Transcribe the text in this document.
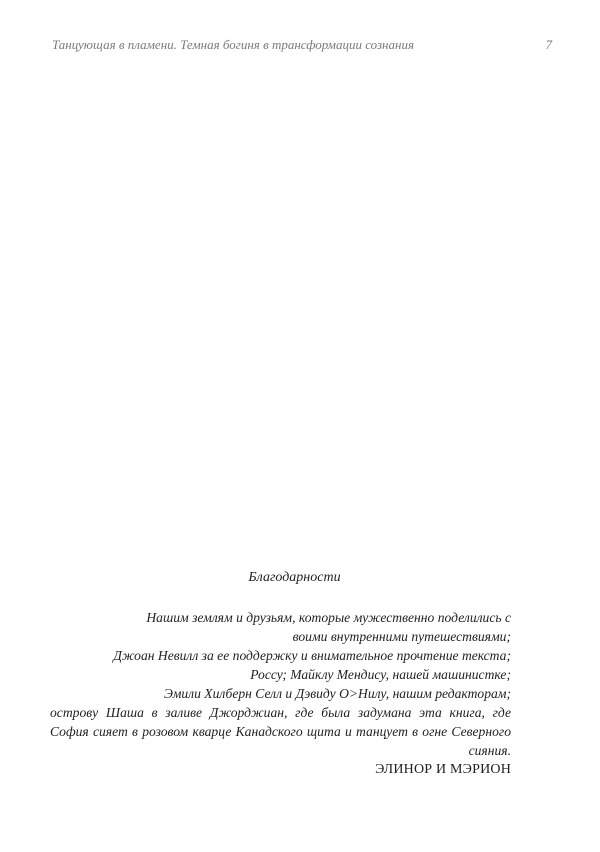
Танцующая в пламени. Темная богиня в трансформации сознания	7
Благодарности
Нашим землям и друзьям, которые мужественно поделились с
воими внутренними путешествиями;
Джоан Невилл за ее поддержку и внимательное прочтение текста;
Россу; Майклу Мендису, нашей машинистке;
Эмили Хилберн Селл и Дэвиду О>Нилу, нашим редакторам;
острову Шаша в заливе Джорджиан, где была задумана эта книга, где
София сияет в розовом кварце Канадского щита и танцует в огне Северного
сияния.
ЭЛИНОР И МЭРИОН
